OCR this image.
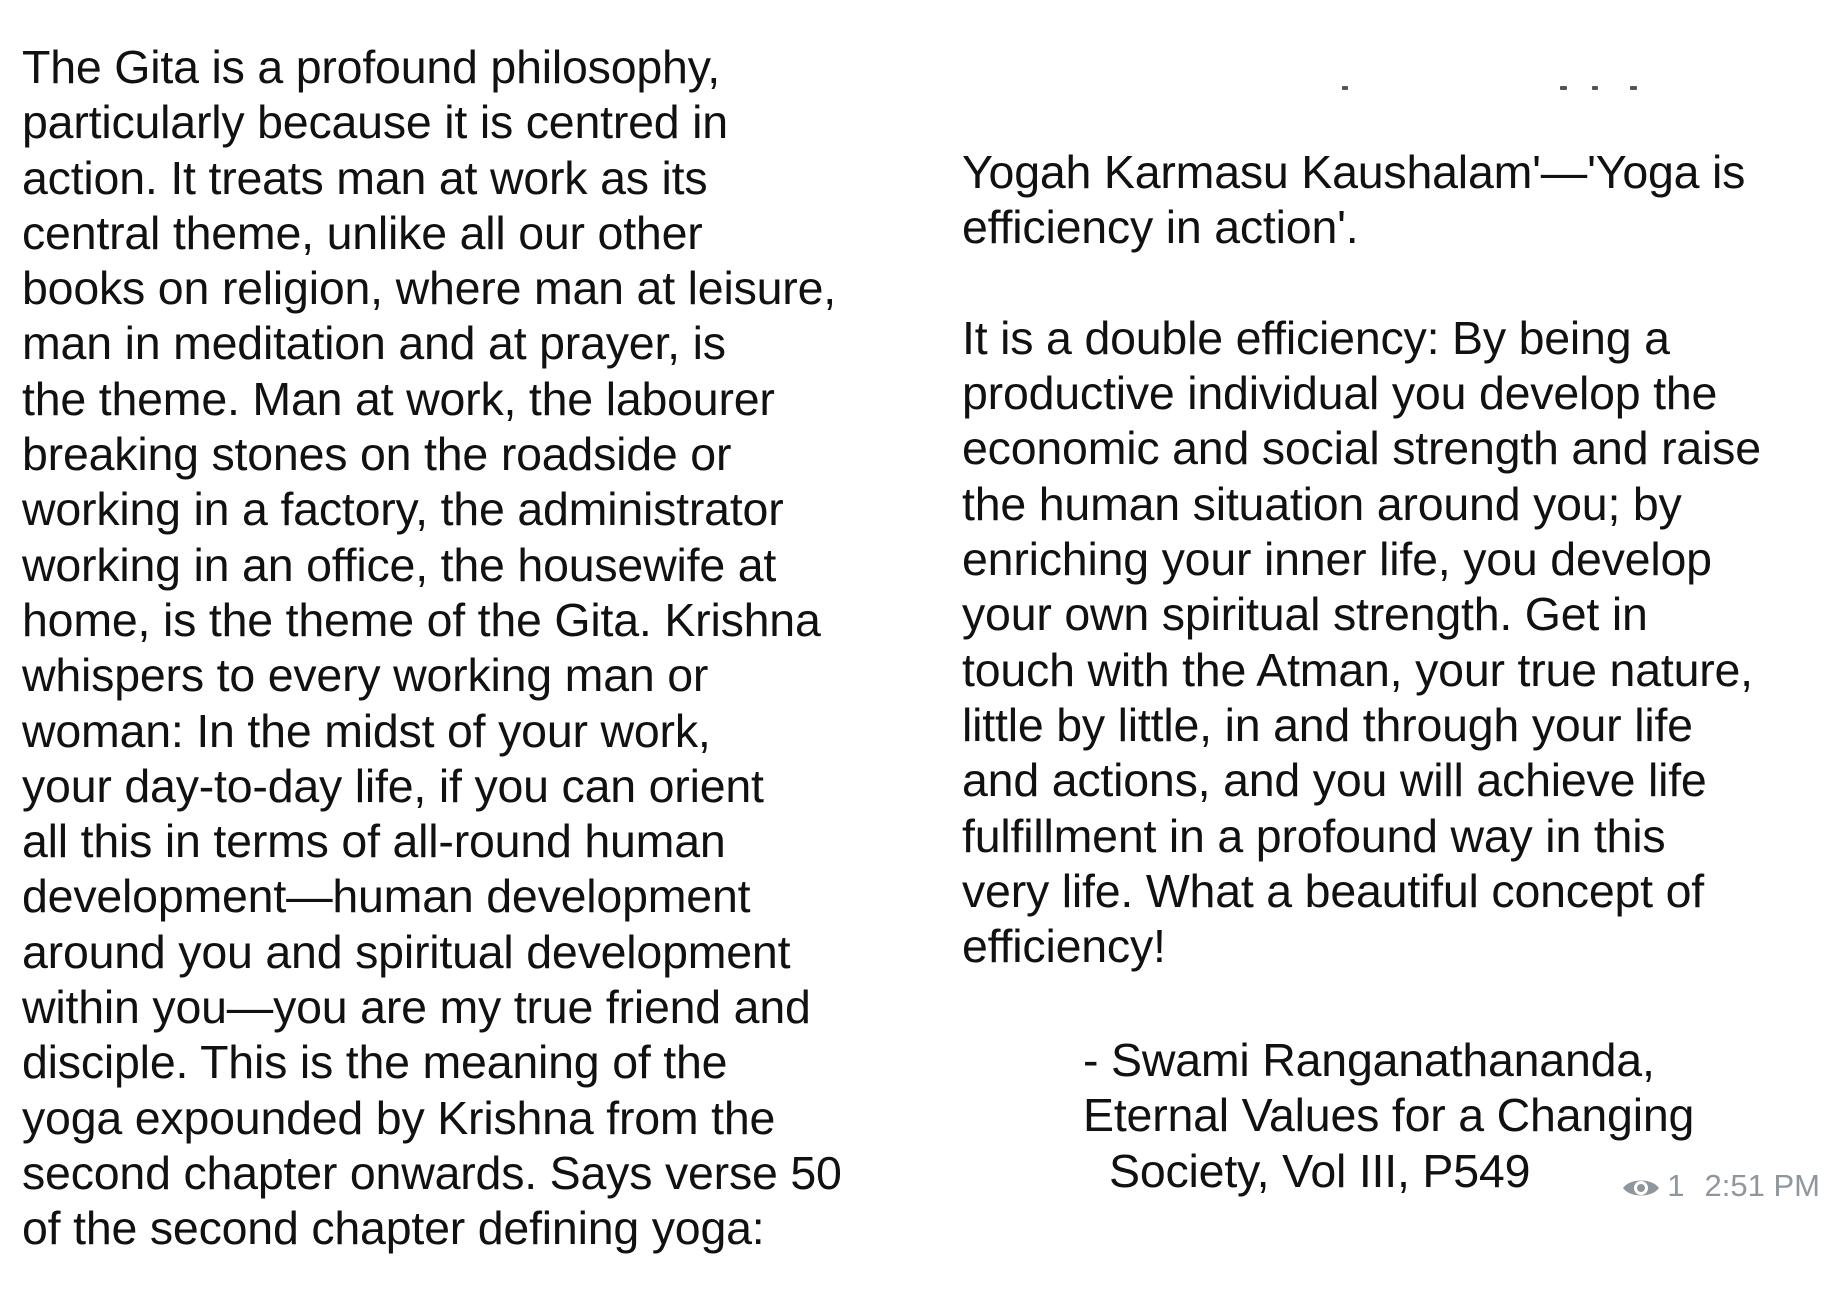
The Gita is a profound philosophy,
particularly because it is centred in
action. It treats man at work as its
central theme, unlike all our other
books on religion, where man at leisure,
man in meditation and at prayer, is
the theme. Man at work, the labourer
breaking stones on the roadside or
working in a factory, the administrator
working in an office, the housewife at
home, is the theme of the Gita. Krishna
whispers to every working man or
woman: In the midst of your work,
your day-to-day life, if you can orient
all this in terms of all-round human
development—human development
around you and spiritual development
within you—you are my true friend and
disciple. This is the meaning of the
yoga expounded by Krishna from the
second chapter onwards. Says verse 50
of the second chapter defining yoga:
Yogah Karmasu Kaushalam'—'Yoga is
efficiency in action'.
It is a double efficiency: By being a
productive individual you develop the
economic and social strength and raise
the human situation around you; by
enriching your inner life, you develop
your own spiritual strength. Get in
touch with the Atman, your true nature,
little by little, in and through your life
and actions, and you will achieve life
fulfillment in a profound way in this
very life. What a beautiful concept of
efficiency!
- Swami Ranganathananda,
Eternal Values for a Changing
Society, Vol III, P549	1 2:51 PM
